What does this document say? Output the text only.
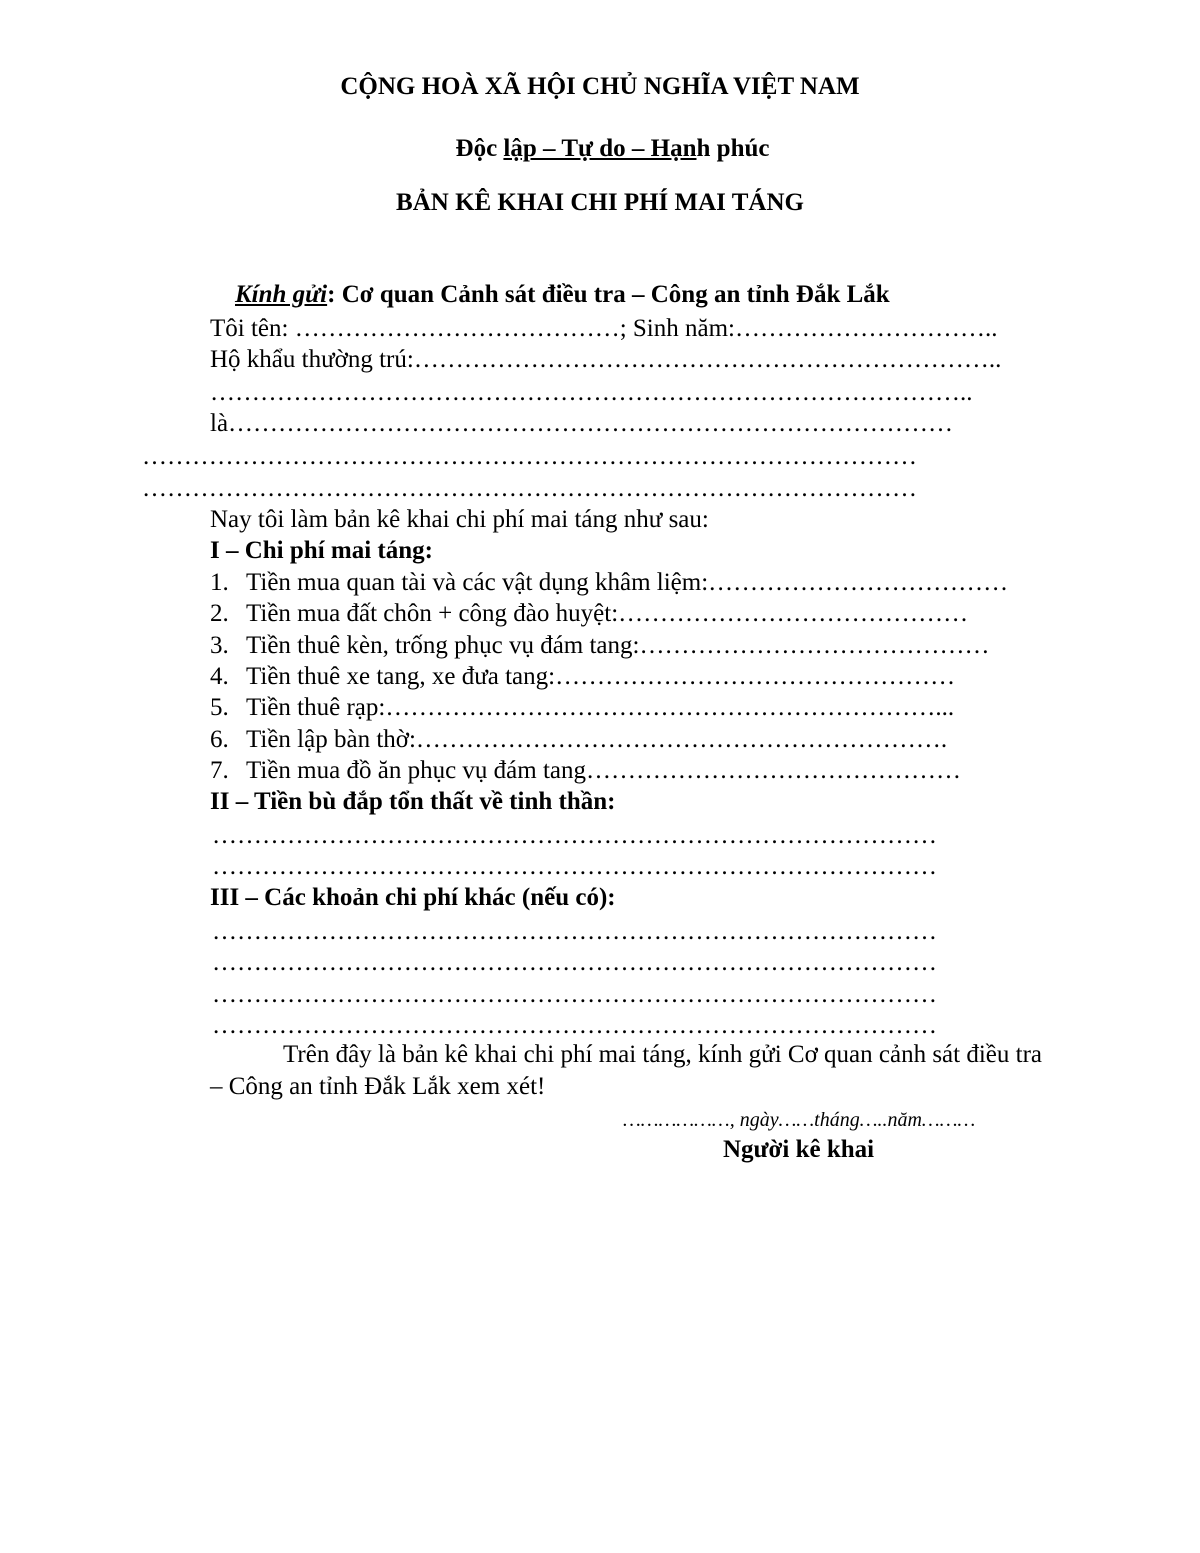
CỘNG HOÀ XÃ HỘI CHỦ NGHĨA VIỆT NAM

Độc lập – Tự do – Hạnh phúc

BẢN KÊ KHAI CHI PHÍ MAI TÁNG

Kính gửi: Cơ quan Cảnh sát điều tra – Công an tỉnh Đắk Lắk

Tôi tên: …………………………………; Sinh năm:…………………………..
Hộ khẩu thường trú:……………………………………………………………..
………………………………………………………………………………..
là……………………………………………………………………………
…………………………………………………………………………………
…………………………………………………………………………………
Nay tôi làm bản kê khai chi phí mai táng như sau:
I – Chi phí mai táng:
1. Tiền mua quan tài và các vật dụng khâm liệm:………………………………
2. Tiền mua đất chôn + công đào huyệt:……………………………………
3. Tiền thuê kèn, trống phục vụ đám tang:……………………………………
4. Tiền thuê xe tang, xe đưa tang:…………………………………………
5. Tiền thuê rạp:…………………………………………………………...
6. Tiền lập bàn thờ:……………………………………………………….
7. Tiền mua đồ ăn phục vụ đám tang………………………………………
II – Tiền bù đắp tổn thất về tinh thần:
……………………………………………………………………………
……………………………………………………………………………
III – Các khoản chi phí khác (nếu có):
……………………………………………………………………………
……………………………………………………………………………
……………………………………………………………………………
……………………………………………………………………………
Trên đây là bản kê khai chi phí mai táng, kính gửi Cơ quan cảnh sát điều tra
– Công an tỉnh Đắk Lắk xem xét!
………………, ngày……tháng…..năm………
Người kê khai
